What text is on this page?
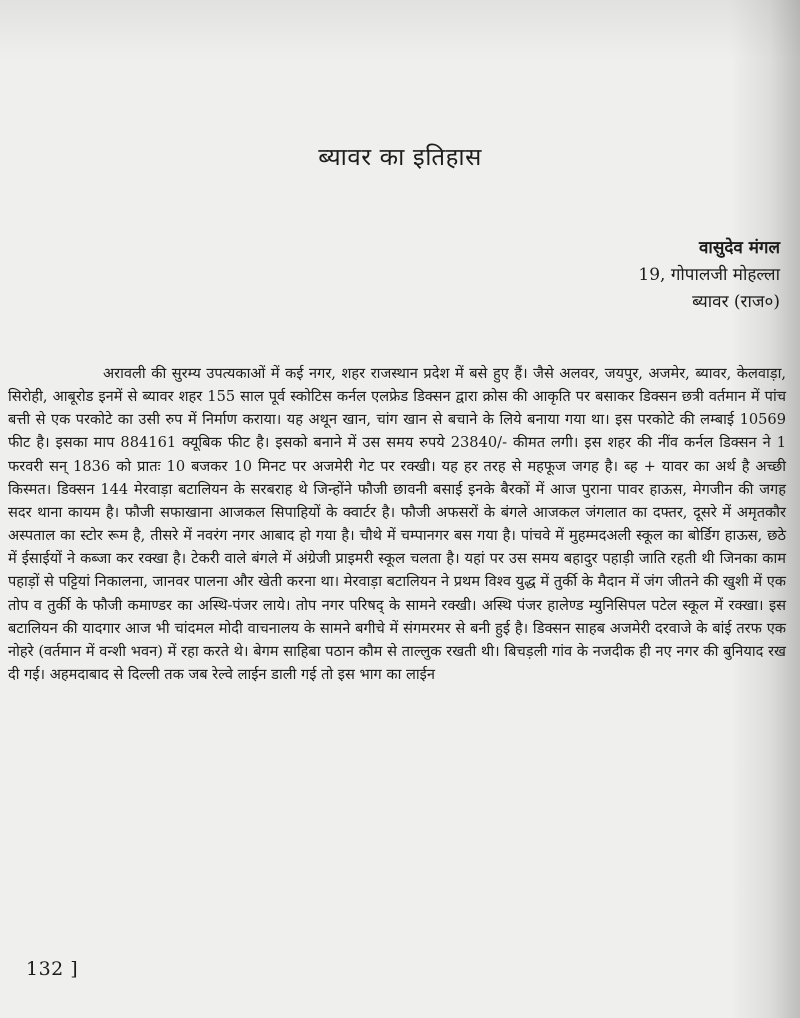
ब्यावर का इतिहास
वासुदेव मंगल
19, गोपालजी मोहल्ला
ब्यावर (राज०)

अरावली की सुरम्य उपत्यकाओं में कई नगर, शहर राजस्थान प्रदेश में बसे हुए हैं। जैसे अलवर, जयपुर, अजमेर, ब्यावर, केलवाड़ा, सिरोही, आबूरोड इनमें से ब्यावर शहर 155 साल पूर्व स्कोटिस कर्नल एलफ्रेड डिक्सन द्वारा क्रोस की आकृति पर बसाकर डिक्सन छत्री वर्तमान में पांच बत्ती से एक परकोटे का उसी रुप में निर्माण कराया। यह अथून खान, चांग खान से बचाने के लिये बनाया गया था। इस परकोटे की लम्बाई 10569 फीट है। इसका माप 884161 क्यूबिक फीट है। इसको बनाने में उस समय रुपये 23840/- कीमत लगी। इस शहर की नींव कर्नल डिक्सन ने 1 फरवरी सन् 1836 को प्रातः 10 बजकर 10 मिनट पर अजमेरी गेट पर रक्खी। यह हर तरह से महफूज जगह है। ब्ह + यावर का अर्थ है अच्छी किस्मत। डिक्सन 144 मेरवाड़ा बटालियन के सरबराह थे जिन्होंने फौजी छावनी बसाई इनके बैरकों में आज पुराना पावर हाऊस, मेगजीन की जगह सदर थाना कायम है। फौजी सफाखाना आजकल सिपाहियों के क्वार्टर है। फौजी अफसरों के बंगले आजकल जंगलात का दफ्तर, दूसरे में अमृतकौर अस्पताल का स्टोर रूम है, तीसरे में नवरंग नगर आबाद हो गया है। चौथे में चम्पानगर बस गया है। पांचवे में मुहम्मदअली स्कूल का बोर्डिग हाऊस, छठे में ईसाईयों ने कब्जा कर रक्खा है। टेकरी वाले बंगले में अंग्रेजी प्राइमरी स्कूल चलता है। यहां पर उस समय बहादुर पहाड़ी जाति रहती थी जिनका काम पहाड़ों से पट्टियां निकालना, जानवर पालना और खेती करना था। मेरवाड़ा बटालियन ने प्रथम विश्व युद्ध में तुर्की के मैदान में जंग जीतने की खुशी में एक तोप व तुर्की के फौजी कमाण्डर का अस्थि-पंजर लाये। तोप नगर परिषद् के सामने रक्खी। अस्थि पंजर हालेण्ड म्युनिसिपल पटेल स्कूल में रक्खा। इस बटालियन की यादगार आज भी चांदमल मोदी वाचनालय के सामने बगीचे में संगमरमर से बनी हुई है। डिक्सन साहब अजमेरी दरवाजे के बांई तरफ एक नोहरे (वर्तमान में वन्शी भवन) में रहा करते थे। बेगम साहिबा पठान कौम से ताल्लुक रखती थी। बिचड़ली गांव के नजदीक ही नए नगर की बुनियाद रख दी गई। अहमदाबाद से दिल्ली तक जब रेल्वे लाईन डाली गई तो इस भाग का लाईन

132 ]
